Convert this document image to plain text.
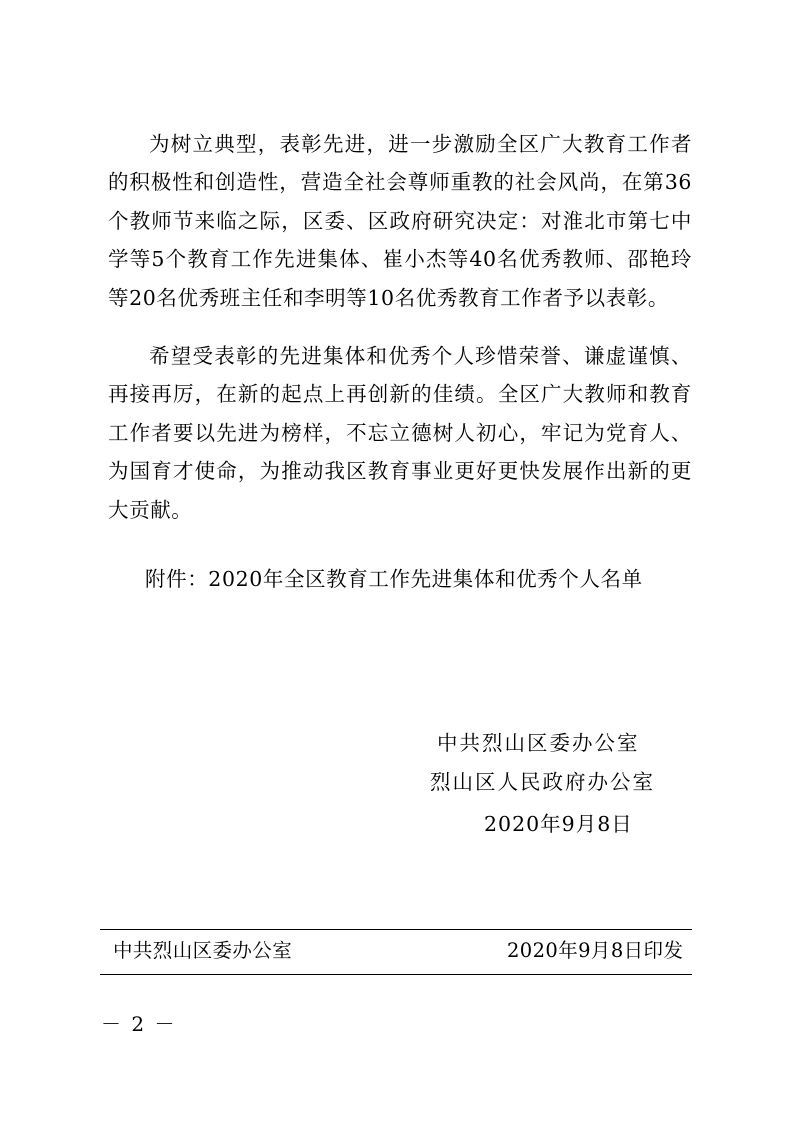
为树立典型，表彰先进，进一步激励全区广大教育工作者的积极性和创造性，营造全社会尊师重教的社会风尚，在第36个教师节来临之际，区委、区政府研究决定：对淮北市第七中学等5个教育工作先进集体、崔小杰等40名优秀教师、邵艳玲等20名优秀班主任和李明等10名优秀教育工作者予以表彰。

希望受表彰的先进集体和优秀个人珍惜荣誉、谦虚谨慎、再接再厉，在新的起点上再创新的佳绩。全区广大教师和教育工作者要以先进为榜样，不忘立德树人初心，牢记为党育人、为国育才使命，为推动我区教育事业更好更快发展作出新的更大贡献。

附件：2020年全区教育工作先进集体和优秀个人名单
中共烈山区委办公室
烈山区人民政府办公室
2020年9月8日
中共烈山区委办公室	2020年9月8日印发
－ 2 －
